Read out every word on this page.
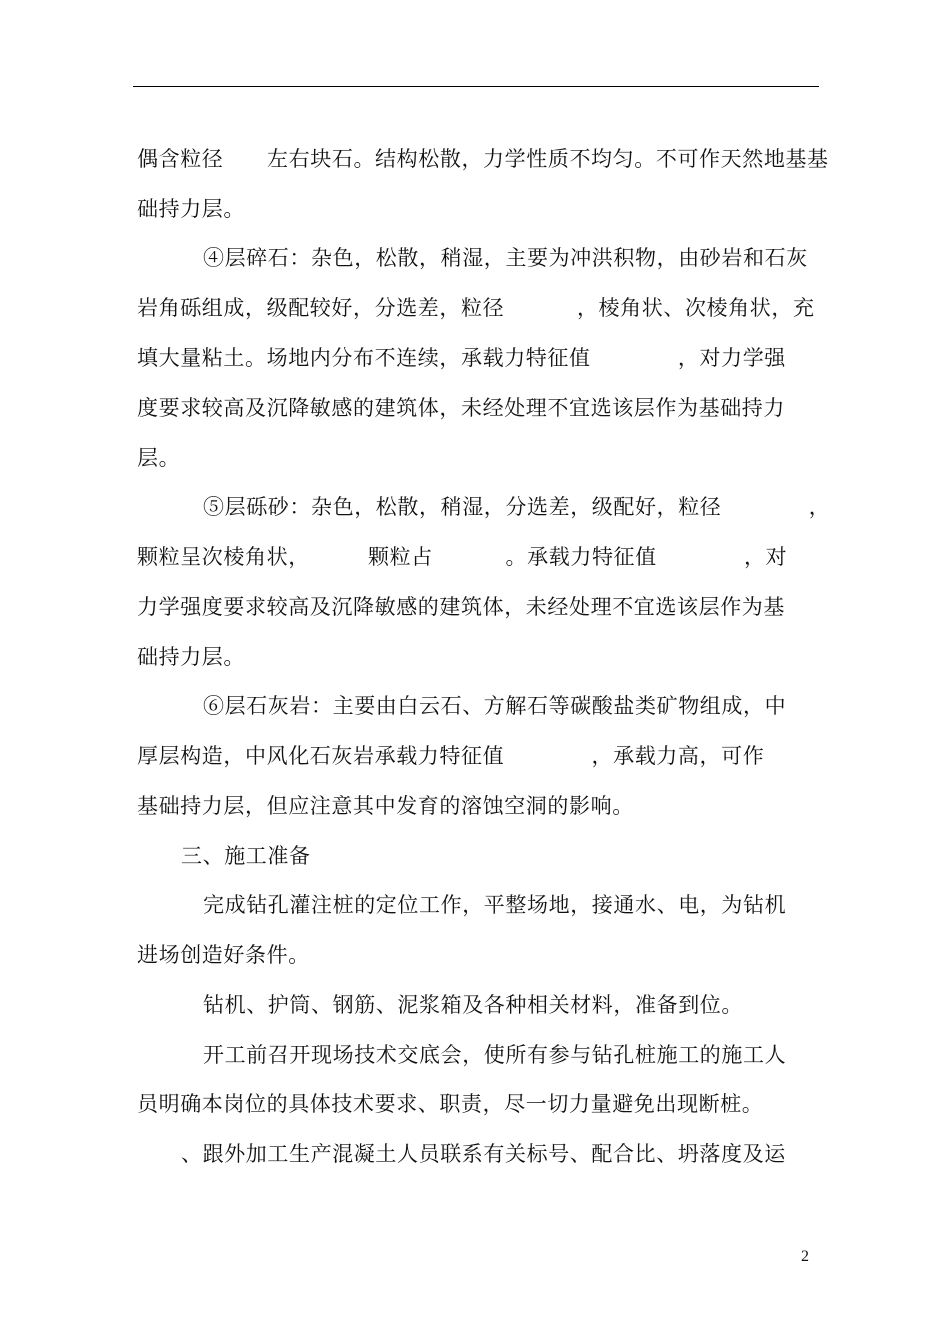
偶含粒径      左右块石。结构松散，力学性质不均匀。不可作天然地基基
础持力层。
④层碎石：杂色，松散，稍湿，主要为冲洪积物，由砂岩和石灰
岩角砾组成，级配较好，分选差，粒径          ，棱角状、次棱角状，充
填大量粘土。场地内分布不连续，承载力特征值            ，对力学强
度要求较高及沉降敏感的建筑体，未经处理不宜选该层作为基础持力
层。
⑤层砾砂：杂色，松散，稍湿，分选差，级配好，粒径            ，
颗粒呈次棱角状，        颗粒占          。承载力特征值            ，对
力学强度要求较高及沉降敏感的建筑体，未经处理不宜选该层作为基
础持力层。
⑥层石灰岩：主要由白云石、方解石等碳酸盐类矿物组成，中
厚层构造，中风化石灰岩承载力特征值            ，承载力高，可作
基础持力层，但应注意其中发育的溶蚀空洞的影响。
三、施工准备
完成钻孔灌注桩的定位工作，平整场地，接通水、电，为钻机
进场创造好条件。
钻机、护筒、钢筋、泥浆箱及各种相关材料，准备到位。
开工前召开现场技术交底会，使所有参与钻孔桩施工的施工人
员明确本岗位的具体技术要求、职责，尽一切力量避免出现断桩。
、跟外加工生产混凝土人员联系有关标号、配合比、坍落度及运
2
